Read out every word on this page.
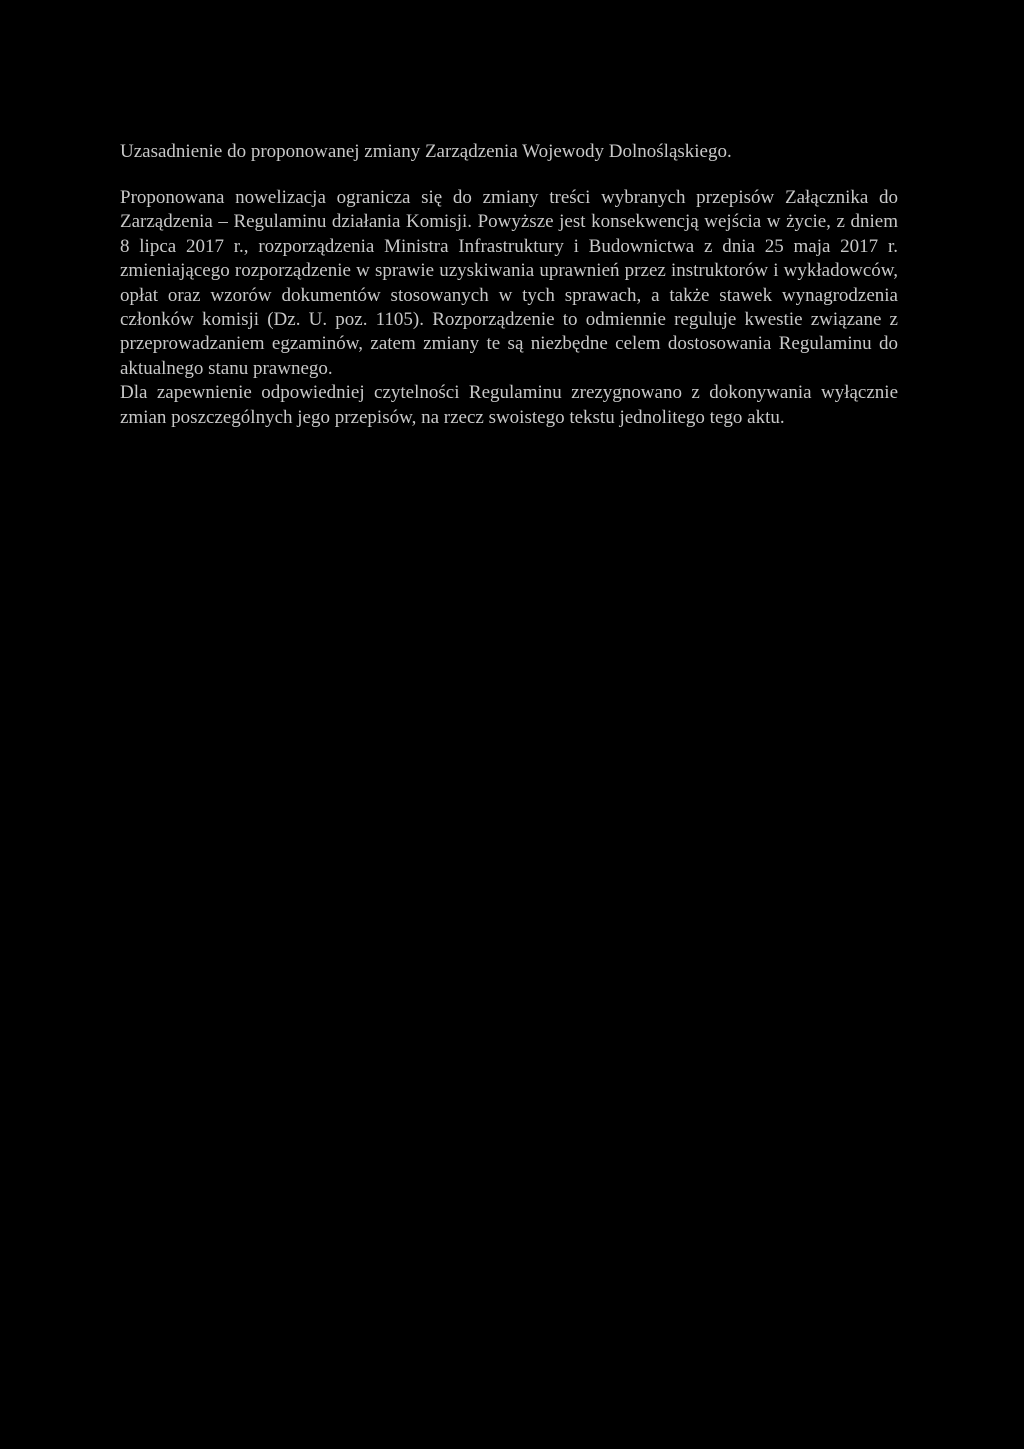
Uzasadnienie do proponowanej zmiany Zarządzenia Wojewody Dolnośląskiego.

Proponowana nowelizacja ogranicza się do zmiany treści wybranych przepisów Załącznika do Zarządzenia – Regulaminu działania Komisji. Powyższe jest konsekwencją wejścia w życie, z dniem 8 lipca 2017 r., rozporządzenia Ministra Infrastruktury i Budownictwa z dnia 25 maja 2017 r. zmieniającego rozporządzenie w sprawie uzyskiwania uprawnień przez instruktorów i wykładowców, opłat oraz wzorów dokumentów stosowanych w tych sprawach, a także stawek wynagrodzenia członków komisji (Dz. U. poz. 1105). Rozporządzenie to odmiennie reguluje kwestie związane z przeprowadzaniem egzaminów, zatem zmiany te są niezbędne celem dostosowania Regulaminu do aktualnego stanu prawnego.

Dla zapewnienie odpowiedniej czytelności Regulaminu zrezygnowano z dokonywania wyłącznie zmian poszczególnych jego przepisów, na rzecz swoistego tekstu jednolitego tego aktu.
